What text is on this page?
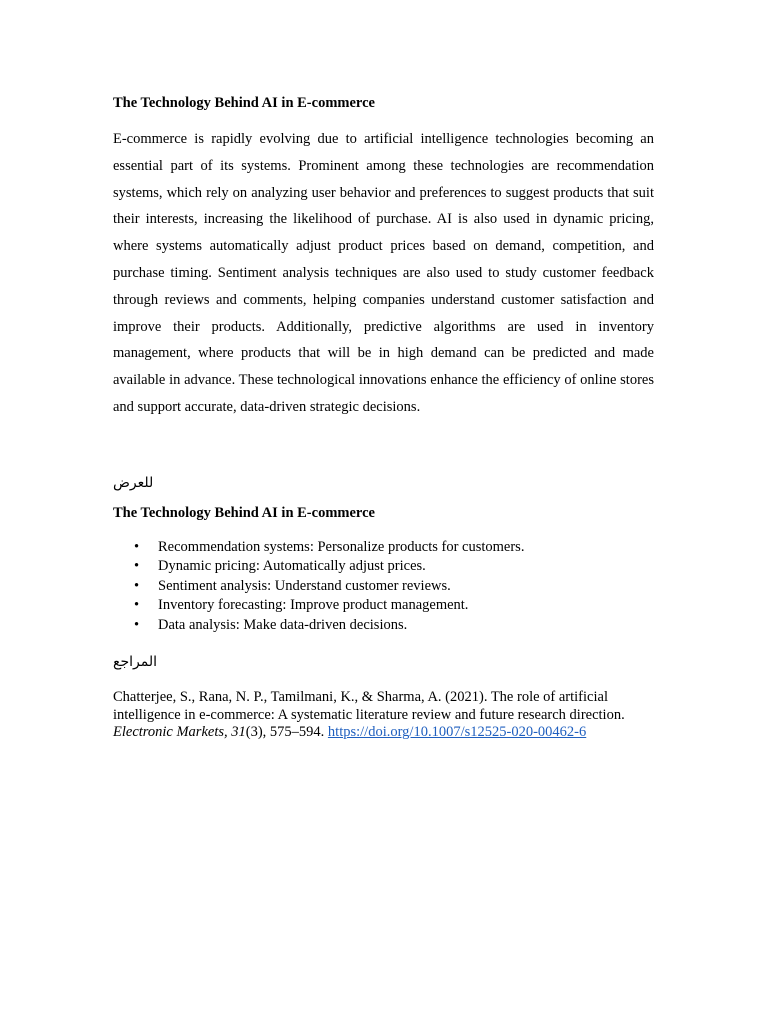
The Technology Behind AI in E-commerce

E-commerce is rapidly evolving due to artificial intelligence technologies becoming an essential part of its systems. Prominent among these technologies are recommendation systems, which rely on analyzing user behavior and preferences to suggest products that suit their interests, increasing the likelihood of purchase. AI is also used in dynamic pricing, where systems automatically adjust product prices based on demand, competition, and purchase timing. Sentiment analysis techniques are also used to study customer feedback through reviews and comments, helping companies understand customer satisfaction and improve their products. Additionally, predictive algorithms are used in inventory management, where products that will be in high demand can be predicted and made available in advance. These technological innovations enhance the efficiency of online stores and support accurate, data-driven strategic decisions.

للعرض

The Technology Behind AI in E-commerce

• Recommendation systems: Personalize products for customers.
• Dynamic pricing: Automatically adjust prices.
• Sentiment analysis: Understand customer reviews.
• Inventory forecasting: Improve product management.
• Data analysis: Make data-driven decisions.

المراجع

Chatterjee, S., Rana, N. P., Tamilmani, K., & Sharma, A. (2021). The role of artificial intelligence in e-commerce: A systematic literature review and future research direction. Electronic Markets, 31(3), 575–594. https://doi.org/10.1007/s12525-020-00462-6
